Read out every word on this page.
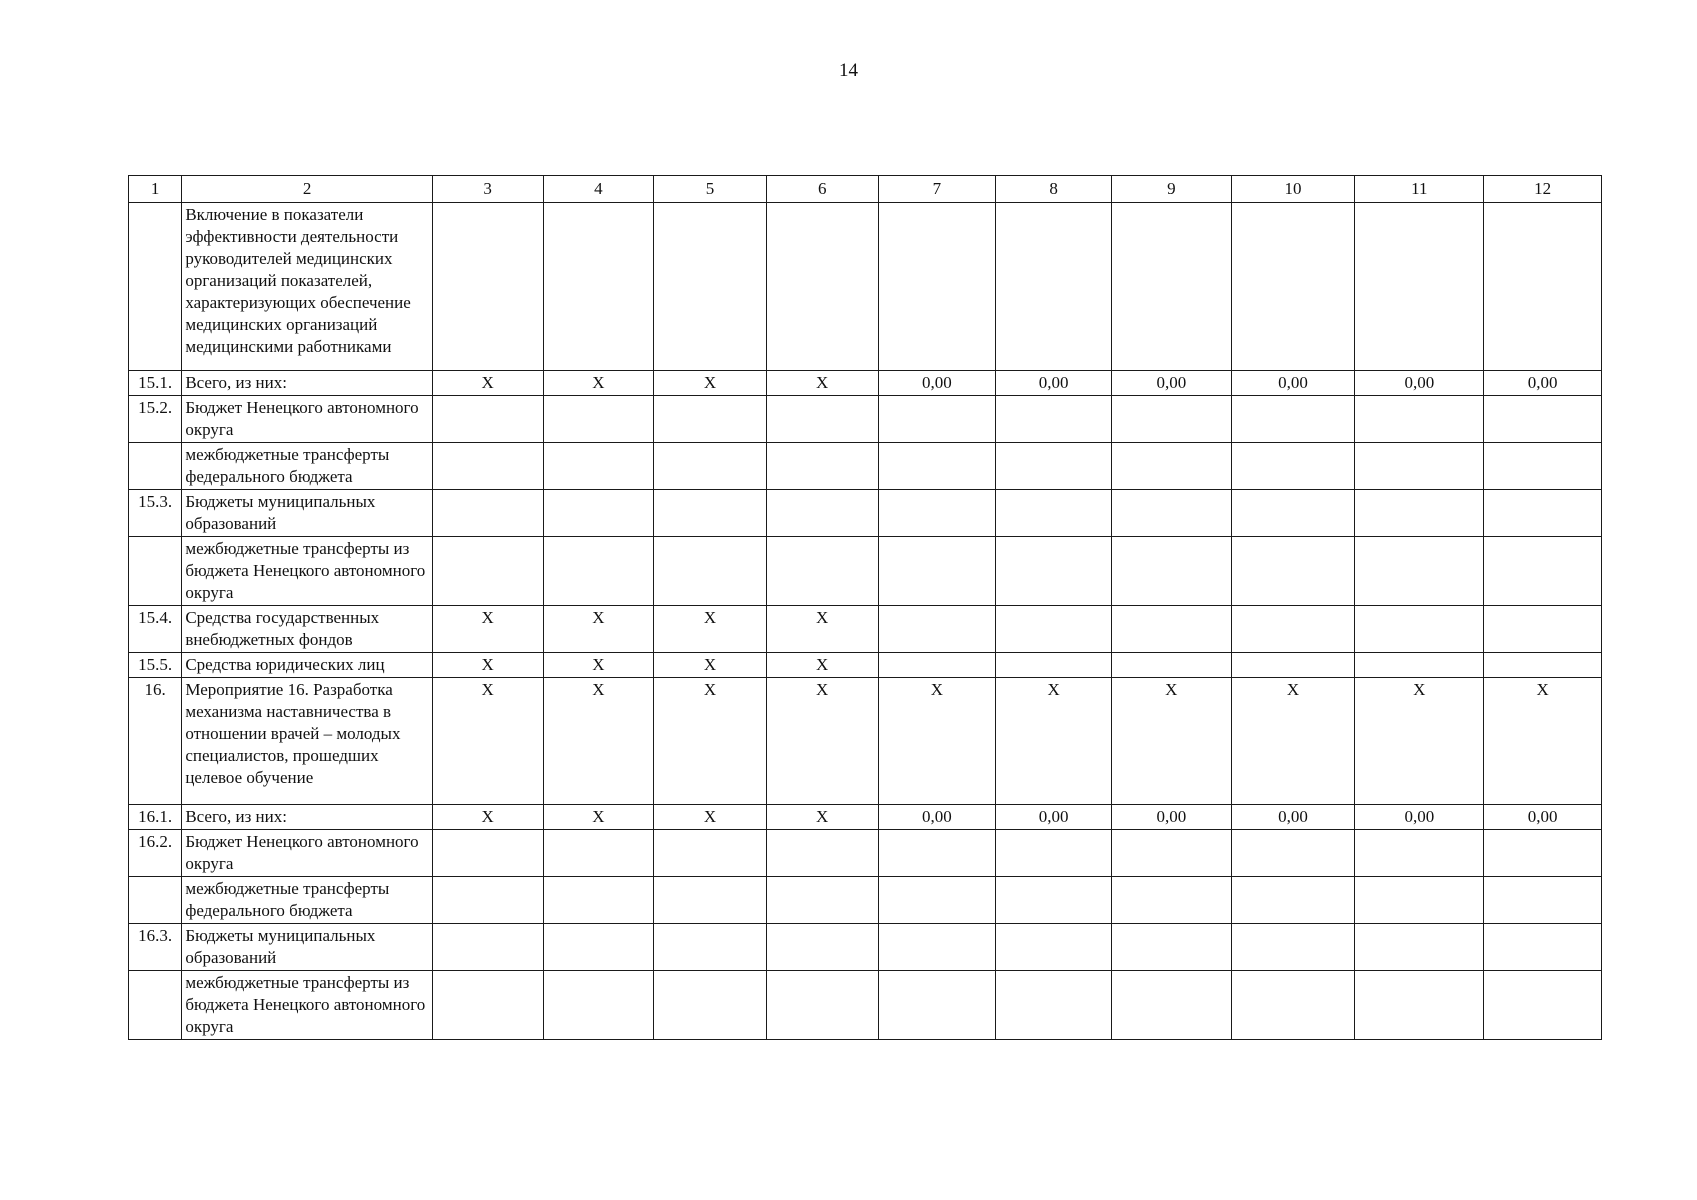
14
1	2	3	4	5	6	7	8	9	10	11	12
	Включение в показатели эффективности деятельности руководителей медицинских организаций показателей, характеризующих обеспечение медицинских организаций медицинскими работниками										
15.1.	Всего, из них:	X	X	X	X	0,00	0,00	0,00	0,00	0,00	0,00
15.2.	Бюджет Ненецкого автономного округа										
	межбюджетные трансферты федерального бюджета										
15.3.	Бюджеты муниципальных образований										
	межбюджетные трансферты из бюджета Ненецкого автономного округа										
15.4.	Средства государственных внебюджетных фондов	X	X	X	X						
15.5.	Средства юридических лиц	X	X	X	X						
16.	Мероприятие 16. Разработка механизма наставничества в отношении врачей – молодых специалистов, прошедших целевое обучение	X	X	X	X	X	X	X	X	X	X
16.1.	Всего, из них:	X	X	X	X	0,00	0,00	0,00	0,00	0,00	0,00
16.2.	Бюджет Ненецкого автономного округа										
	межбюджетные трансферты федерального бюджета										
16.3.	Бюджеты муниципальных образований										
	межбюджетные трансферты из бюджета Ненецкого автономного округа										
